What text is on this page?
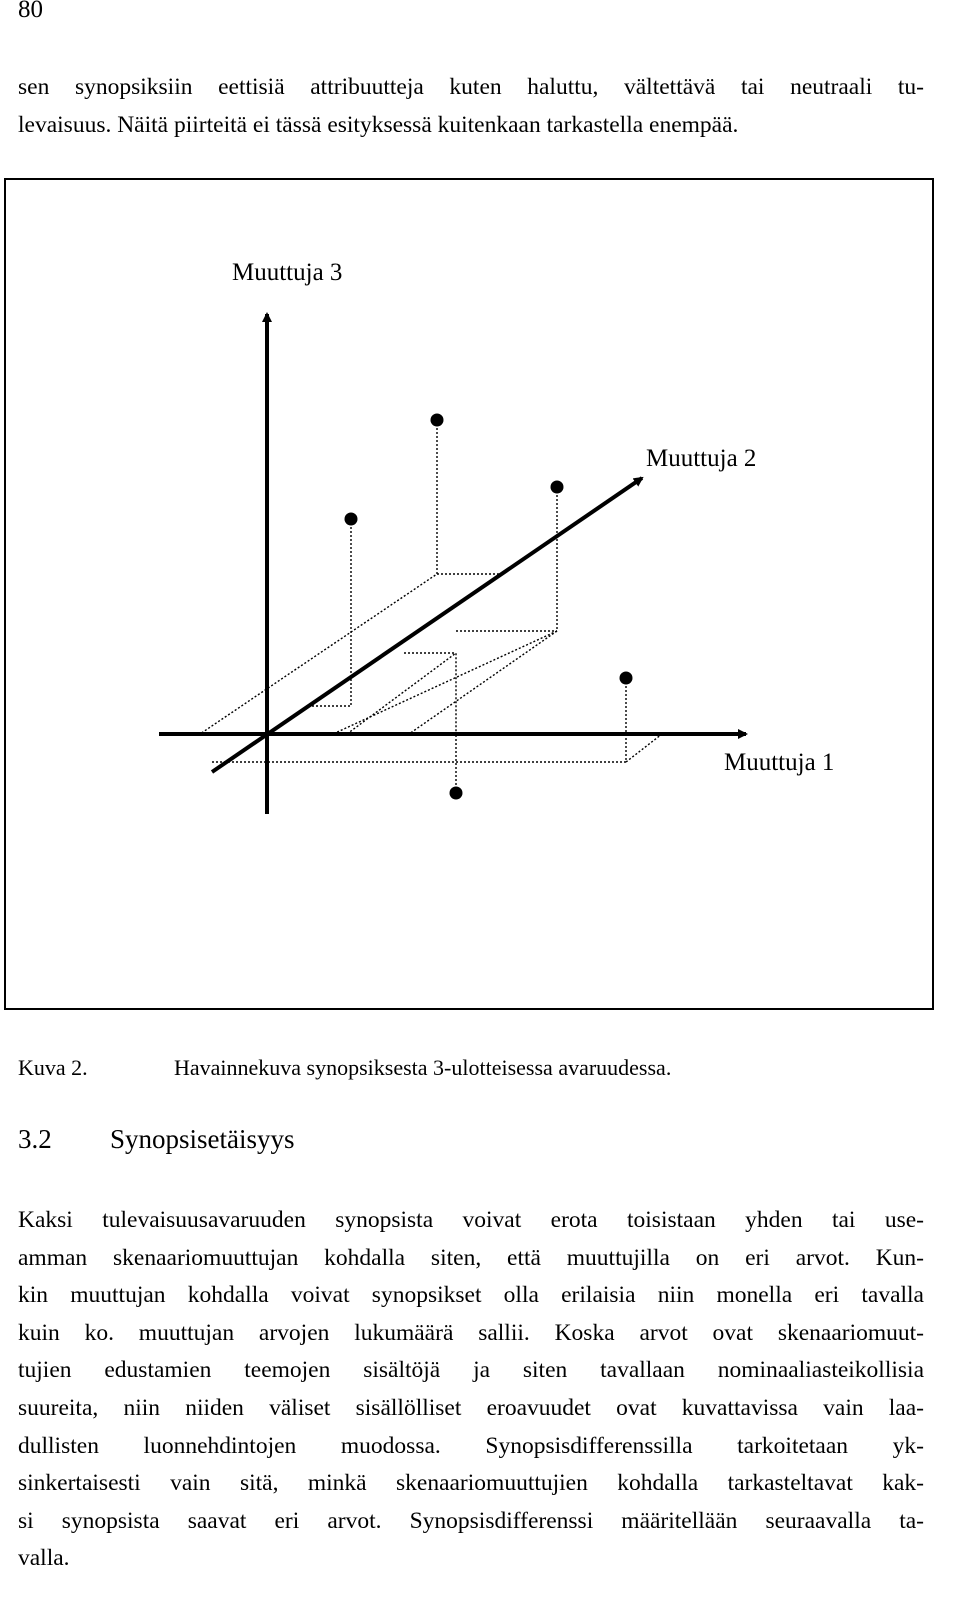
80
sen synopsiksiin eettisiä attribuutteja kuten haluttu, vältettävä tai neutraali tu-
levaisuus. Näitä piirteitä ei tässä esityksessä kuitenkaan tarkastella enempää.
Muuttuja 3
Muuttuja 2
Muuttuja 1
Kuva 2.	Havainnekuva synopsiksesta 3-ulotteisessa avaruudessa.
3.2 Synopsisetäisyys
Kaksi tulevaisuusavaruuden synopsista voivat erota toisistaan yhden tai use-
amman skenaariomuuttujan kohdalla siten, että muuttujilla on eri arvot. Kun-
kin muuttujan kohdalla voivat synopsikset olla erilaisia niin monella eri tavalla
kuin ko. muuttujan arvojen lukumäärä sallii. Koska arvot ovat skenaariomuut-
tujien edustamien teemojen sisältöjä ja siten tavallaan nominaaliasteikollisia
suureita, niin niiden väliset sisällölliset eroavuudet ovat kuvattavissa vain laa-
dullisten luonnehdintojen muodossa. Synopsisdifferenssilla tarkoitetaan yk-
sinkertaisesti vain sitä, minkä skenaariomuuttujien kohdalla tarkasteltavat kak-
si synopsista saavat eri arvot. Synopsisdifferenssi määritellään seuraavalla ta-
valla.
